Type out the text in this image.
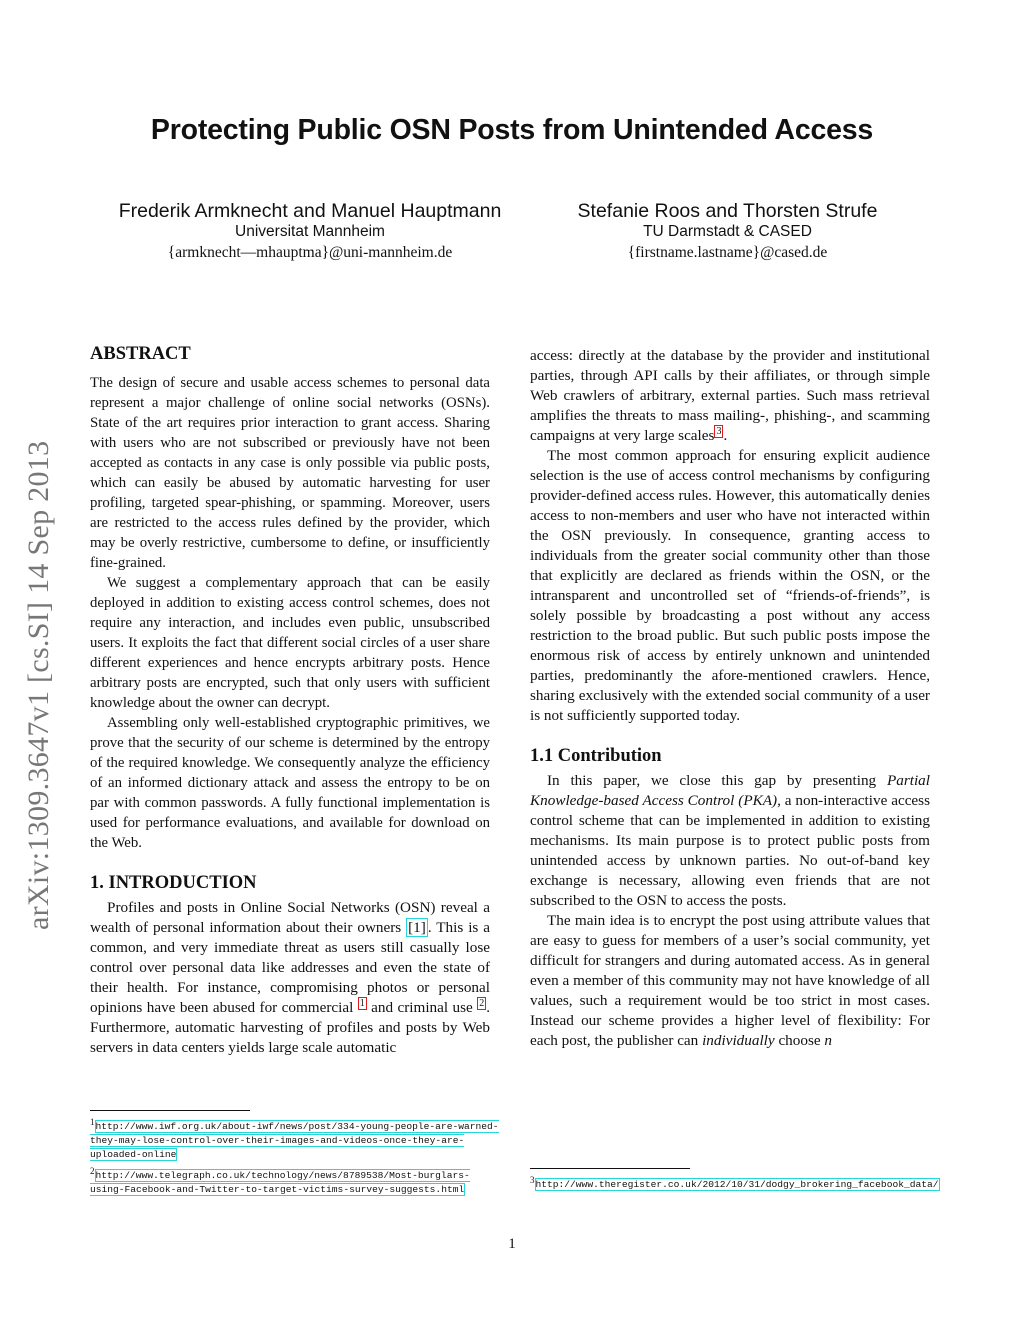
Protecting Public OSN Posts from Unintended Access
Frederik Armknecht and Manuel Hauptmann
Universitat Mannheim
{armknecht—mhauptma}@uni-mannheim.de
Stefanie Roos and Thorsten Strufe
TU Darmstadt & CASED
{firstname.lastname}@cased.de
arXiv:1309.3647v1 [cs.SI] 14 Sep 2013
ABSTRACT

The design of secure and usable access schemes to personal data represent a major challenge of online social networks (OSNs). State of the art requires prior interaction to grant access. Sharing with users who are not subscribed or previously have not been accepted as contacts in any case is only possible via public posts, which can easily be abused by automatic harvesting for user profiling, targeted spear-phishing, or spamming. Moreover, users are restricted to the access rules defined by the provider, which may be overly restrictive, cumbersome to define, or insufficiently fine-grained.

We suggest a complementary approach that can be easily deployed in addition to existing access control schemes, does not require any interaction, and includes even public, unsubscribed users. It exploits the fact that different social circles of a user share different experiences and hence encrypts arbitrary posts. Hence arbitrary posts are encrypted, such that only users with sufficient knowledge about the owner can decrypt.

Assembling only well-established cryptographic primitives, we prove that the security of our scheme is determined by the entropy of the required knowledge. We consequently analyze the efficiency of an informed dictionary attack and assess the entropy to be on par with common passwords. A fully functional implementation is used for performance evaluations, and available for download on the Web.

1. INTRODUCTION

Profiles and posts in Online Social Networks (OSN) reveal a wealth of personal information about their owners [1] . This is a common, and very immediate threat as users still casually lose control over personal data like addresses and even the state of their health. For instance, compromising photos or personal opinions have been abused for commercial $^1$ and criminal use $^2$ . Furthermore, automatic harvesting of profiles and posts by Web servers in data centers yields large scale automatic

$^1$http://www.iwf.org.uk/about-iwf/news/post/334-young-people-are-warned-they-may-lose-control-over-their-images-and-videos-once-they-are-uploaded-online

$^2$http://www.telegraph.co.uk/technology/news/8789538/Most-burglars-using-Facebook-and-Twitter-to-target-victims-survey-suggests.html

access: directly at the database by the provider and institutional parties, through API calls by their affiliates, or through simple Web crawlers of arbitrary, external parties. Such mass retrieval amplifies the threats to mass mailing-, phishing-, and scamming campaigns at very large scales $^3$ .

The most common approach for ensuring explicit audience selection is the use of access control mechanisms by configuring provider-defined access rules. However, this automatically denies access to non-members and user who have not interacted within the OSN previously. In consequence, granting access to individuals from the greater social community other than those that explicitly are declared as friends within the OSN, or the intransparent and uncontrolled set of “friends-of-friends”, is solely possible by broadcasting a post without any access restriction to the broad public. But such public posts impose the enormous risk of access by entirely unknown and unintended parties, predominantly the afore-mentioned crawlers. Hence, sharing exclusively with the extended social community of a user is not sufficiently supported today.

1.1 Contribution

In this paper, we close this gap by presenting Partial Knowledge-based Access Control (PKA), a non-interactive access control scheme that can be implemented in addition to existing mechanisms. Its main purpose is to protect public posts from unintended access by unknown parties. No out-of-band key exchange is necessary, allowing even friends that are not subscribed to the OSN to access the posts.

The main idea is to encrypt the post using attribute values that are easy to guess for members of a user’s social community, yet difficult for strangers and during automated access. As in general even a member of this community may not have knowledge of all values, such a requirement would be too strict in most cases. Instead our scheme provides a higher level of flexibility: For each post, the publisher can individually choose n

$^3$http://www.theregister.co.uk/2012/10/31/dodgy_brokering_facebook_data/

1
